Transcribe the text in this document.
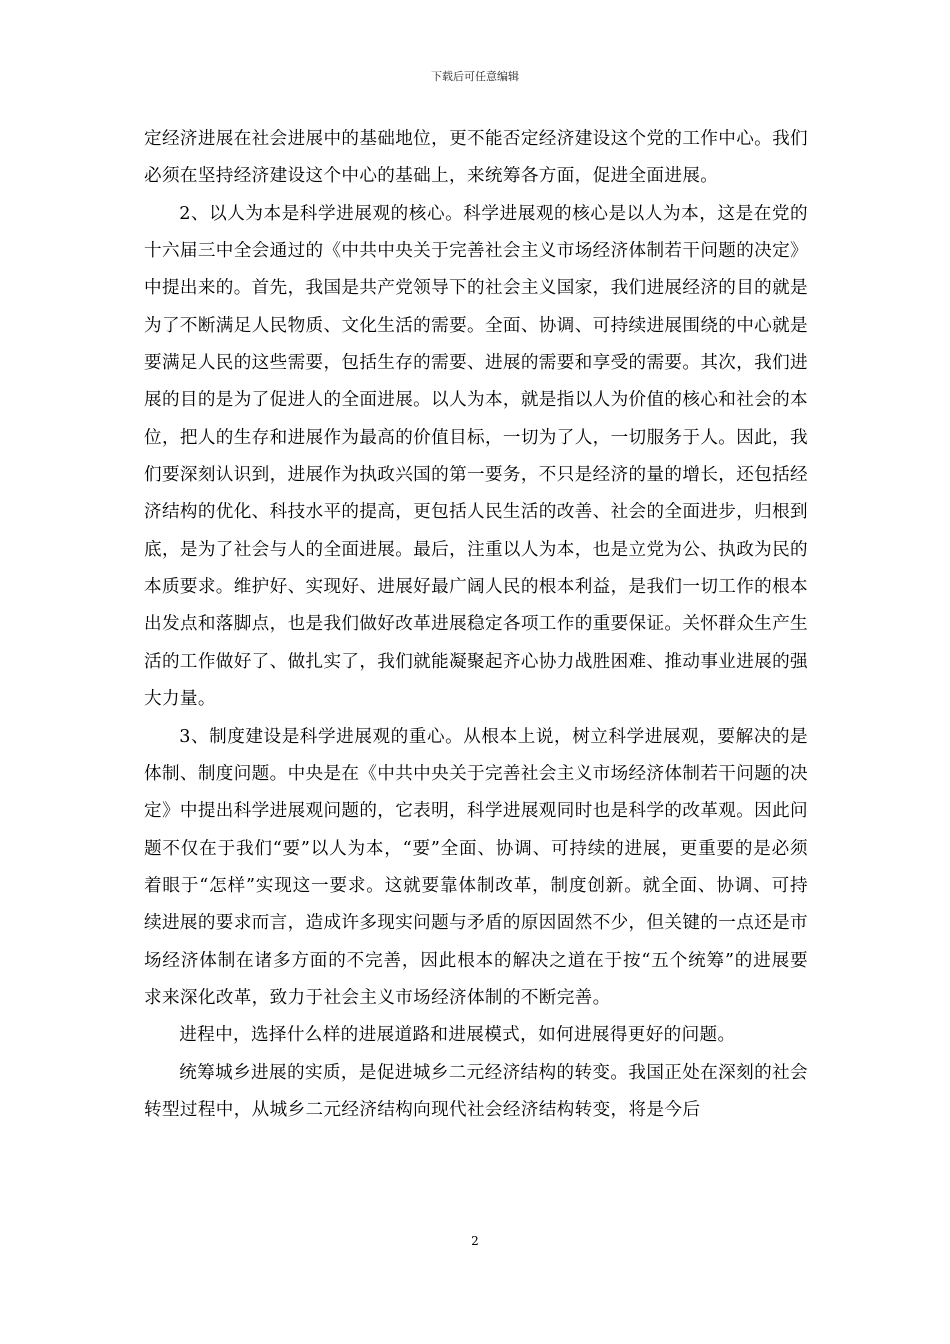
下载后可任意编辑

定经济进展在社会进展中的基础地位，更不能否定经济建设这个党的工作中心。我们必须在坚持经济建设这个中心的基础上，来统筹各方面，促进全面进展。

2、以人为本是科学进展观的核心。科学进展观的核心是以人为本，这是在党的十六届三中全会通过的《中共中央关于完善社会主义市场经济体制若干问题的决定》中提出来的。首先，我国是共产党领导下的社会主义国家，我们进展经济的目的就是为了不断满足人民物质、文化生活的需要。全面、协调、可持续进展围绕的中心就是要满足人民的这些需要，包括生存的需要、进展的需要和享受的需要。其次，我们进展的目的是为了促进人的全面进展。以人为本，就是指以人为价值的核心和社会的本位，把人的生存和进展作为最高的价值目标，一切为了人，一切服务于人。因此，我们要深刻认识到，进展作为执政兴国的第一要务，不只是经济的量的增长，还包括经济结构的优化、科技水平的提高，更包括人民生活的改善、社会的全面进步，归根到底，是为了社会与人的全面进展。最后，注重以人为本，也是立党为公、执政为民的本质要求。维护好、实现好、进展好最广阔人民的根本利益，是我们一切工作的根本出发点和落脚点，也是我们做好改革进展稳定各项工作的重要保证。关怀群众生产生活的工作做好了、做扎实了，我们就能凝聚起齐心协力战胜困难、推动事业进展的强大力量。

3、制度建设是科学进展观的重心。从根本上说，树立科学进展观，要解决的是体制、制度问题。中央是在《中共中央关于完善社会主义市场经济体制若干问题的决定》中提出科学进展观问题的，它表明，科学进展观同时也是科学的改革观。因此问题不仅在于我们“要”以人为本，“要”全面、协调、可持续的进展，更重要的是必须着眼于“怎样”实现这一要求。这就要靠体制改革，制度创新。就全面、协调、可持续进展的要求而言，造成许多现实问题与矛盾的原因固然不少，但关键的一点还是市场经济体制在诸多方面的不完善，因此根本的解决之道在于按“五个统筹”的进展要求来深化改革，致力于社会主义市场经济体制的不断完善。

进程中，选择什么样的进展道路和进展模式，如何进展得更好的问题。

统筹城乡进展的实质，是促进城乡二元经济结构的转变。我国正处在深刻的社会转型过程中，从城乡二元经济结构向现代社会经济结构转变，将是今后

2
